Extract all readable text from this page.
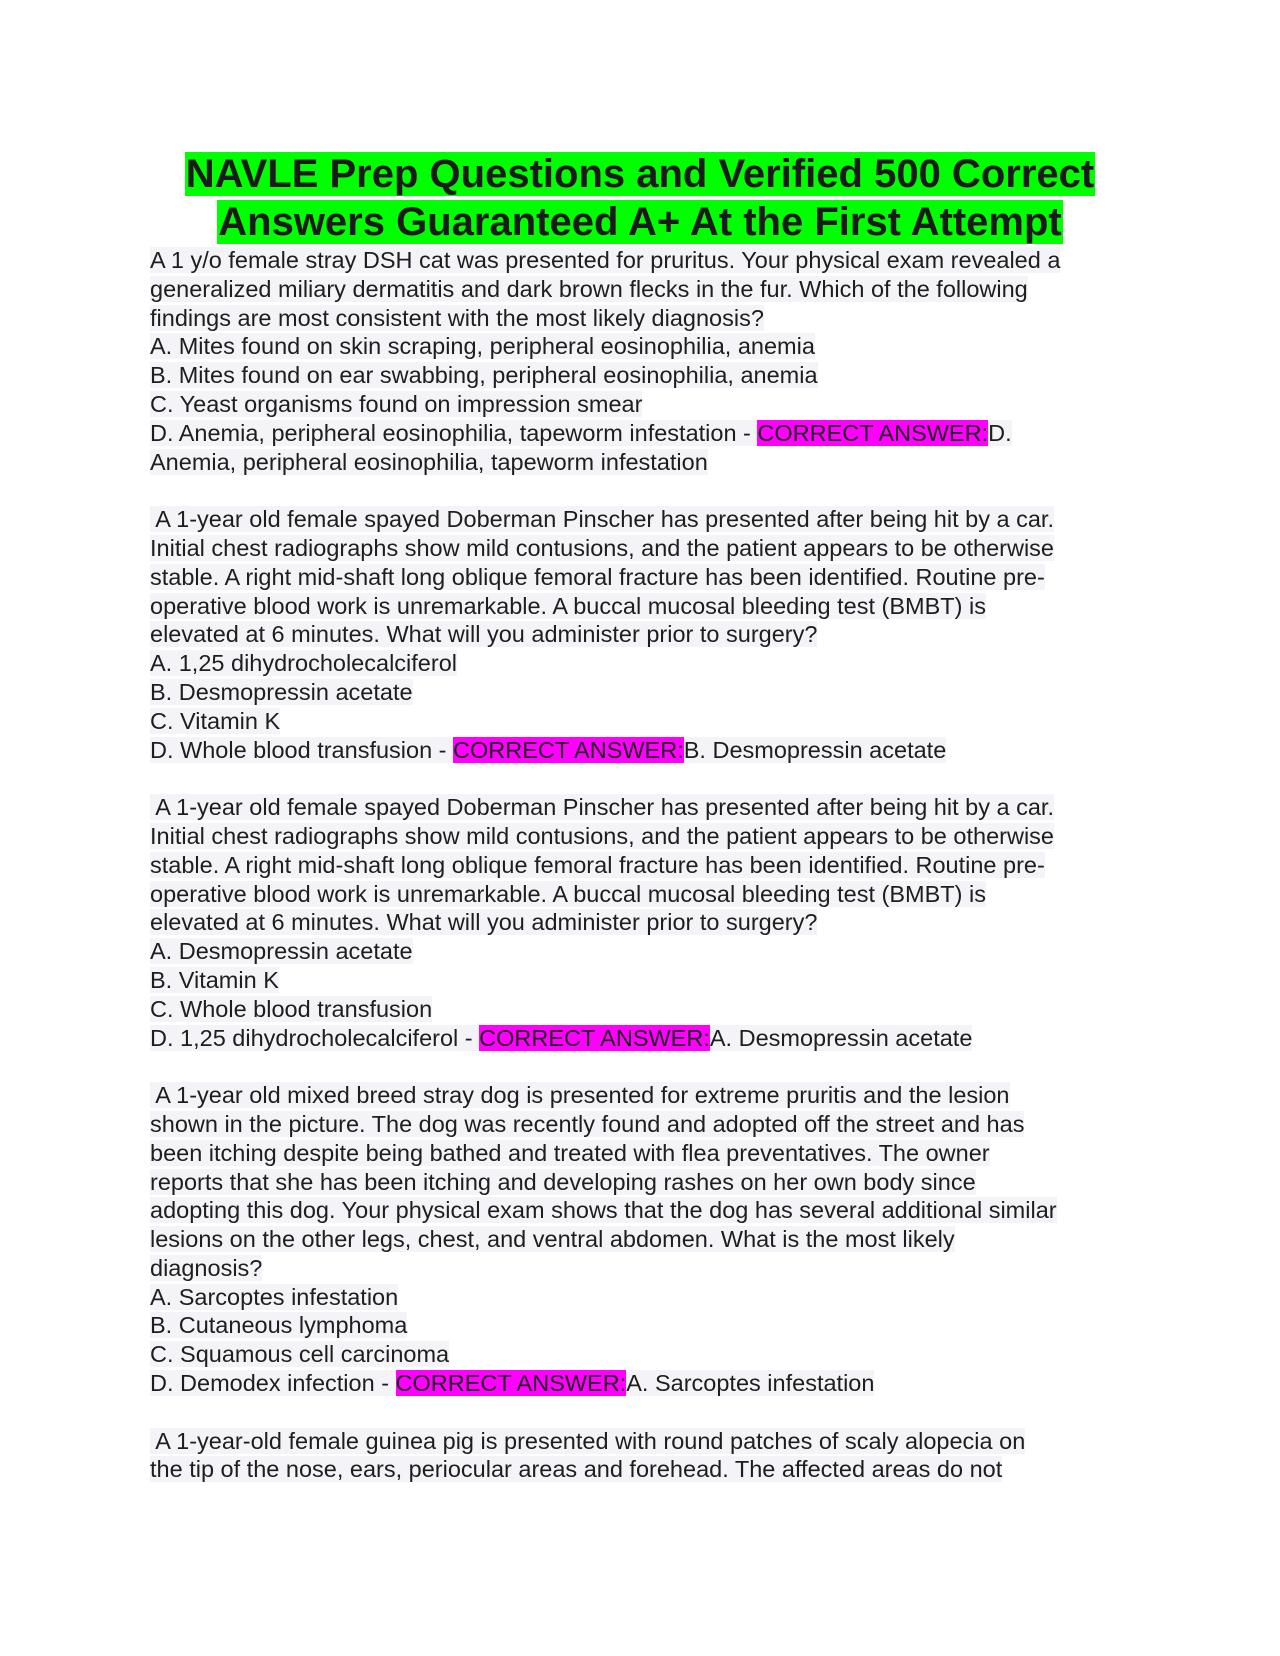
NAVLE Prep Questions and Verified 500 Correct
Answers Guaranteed A+ At the First Attempt
A 1 y/o female stray DSH cat was presented for pruritus. Your physical exam revealed a
generalized miliary dermatitis and dark brown flecks in the fur. Which of the following
findings are most consistent with the most likely diagnosis?
A. Mites found on skin scraping, peripheral eosinophilia, anemia
B. Mites found on ear swabbing, peripheral eosinophilia, anemia
C. Yeast organisms found on impression smear
D. Anemia, peripheral eosinophilia, tapeworm infestation - CORRECT ANSWER:D.
Anemia, peripheral eosinophilia, tapeworm infestation
A 1-year old female spayed Doberman Pinscher has presented after being hit by a car.
Initial chest radiographs show mild contusions, and the patient appears to be otherwise
stable. A right mid-shaft long oblique femoral fracture has been identified. Routine pre-
operative blood work is unremarkable. A buccal mucosal bleeding test (BMBT) is
elevated at 6 minutes. What will you administer prior to surgery?
A. 1,25 dihydrocholecalciferol
B. Desmopressin acetate
C. Vitamin K
D. Whole blood transfusion - CORRECT ANSWER:B. Desmopressin acetate
A 1-year old female spayed Doberman Pinscher has presented after being hit by a car.
Initial chest radiographs show mild contusions, and the patient appears to be otherwise
stable. A right mid-shaft long oblique femoral fracture has been identified. Routine pre-
operative blood work is unremarkable. A buccal mucosal bleeding test (BMBT) is
elevated at 6 minutes. What will you administer prior to surgery?
A. Desmopressin acetate
B. Vitamin K
C. Whole blood transfusion
D. 1,25 dihydrocholecalciferol - CORRECT ANSWER:A. Desmopressin acetate
A 1-year old mixed breed stray dog is presented for extreme pruritis and the lesion
shown in the picture. The dog was recently found and adopted off the street and has
been itching despite being bathed and treated with flea preventatives. The owner
reports that she has been itching and developing rashes on her own body since
adopting this dog. Your physical exam shows that the dog has several additional similar
lesions on the other legs, chest, and ventral abdomen. What is the most likely
diagnosis?
A. Sarcoptes infestation
B. Cutaneous lymphoma
C. Squamous cell carcinoma
D. Demodex infection - CORRECT ANSWER:A. Sarcoptes infestation
A 1-year-old female guinea pig is presented with round patches of scaly alopecia on
the tip of the nose, ears, periocular areas and forehead. The affected areas do not
